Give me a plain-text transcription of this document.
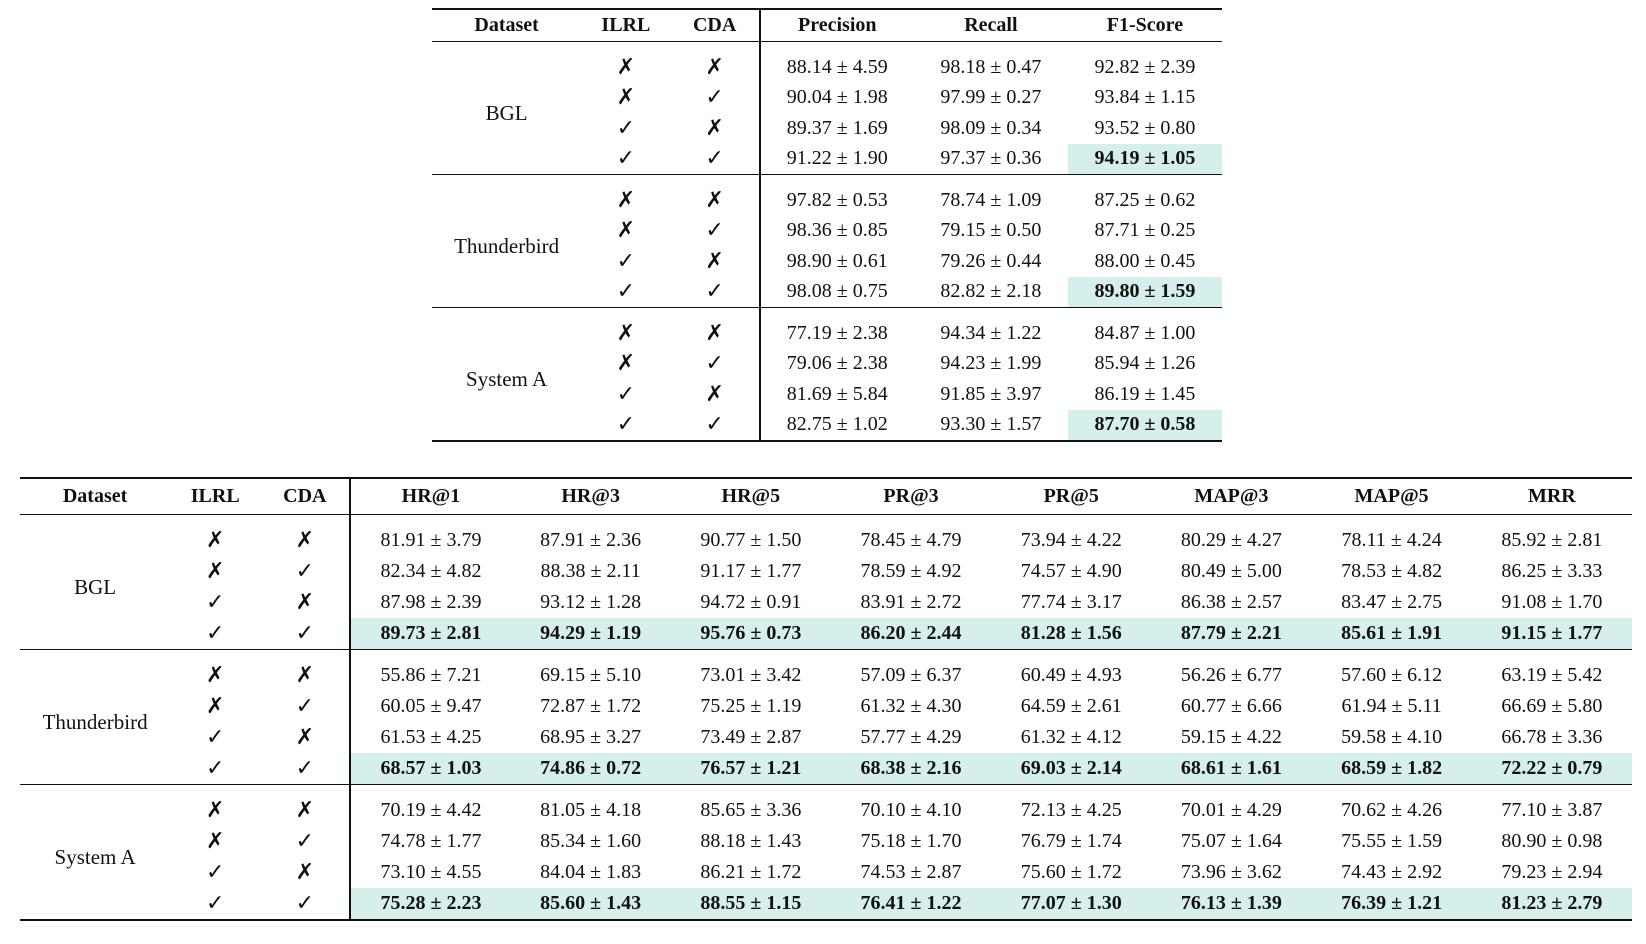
Dataset	ILRL	CDA	Precision	Recall	F1-Score
BGL	✗	✗	88.14 ± 4.59	98.18 ± 0.47	92.82 ± 2.39
	✗	✓	90.04 ± 1.98	97.99 ± 0.27	93.84 ± 1.15
	✓	✗	89.37 ± 1.69	98.09 ± 0.34	93.52 ± 0.80
	✓	✓	91.22 ± 1.90	97.37 ± 0.36	94.19 ± 1.05
Thunderbird	✗	✗	97.82 ± 0.53	78.74 ± 1.09	87.25 ± 0.62
	✗	✓	98.36 ± 0.85	79.15 ± 0.50	87.71 ± 0.25
	✓	✗	98.90 ± 0.61	79.26 ± 0.44	88.00 ± 0.45
	✓	✓	98.08 ± 0.75	82.82 ± 2.18	89.80 ± 1.59
System A	✗	✗	77.19 ± 2.38	94.34 ± 1.22	84.87 ± 1.00
	✗	✓	79.06 ± 2.38	94.23 ± 1.99	85.94 ± 1.26
	✓	✗	81.69 ± 5.84	91.85 ± 3.97	86.19 ± 1.45
	✓	✓	82.75 ± 1.02	93.30 ± 1.57	87.70 ± 0.58
Dataset	ILRL	CDA	HR@1	HR@3	HR@5	PR@3	PR@5	MAP@3	MAP@5	MRR
BGL	✗	✗	81.91 ± 3.79	87.91 ± 2.36	90.77 ± 1.50	78.45 ± 4.79	73.94 ± 4.22	80.29 ± 4.27	78.11 ± 4.24	85.92 ± 2.81
	✗	✓	82.34 ± 4.82	88.38 ± 2.11	91.17 ± 1.77	78.59 ± 4.92	74.57 ± 4.90	80.49 ± 5.00	78.53 ± 4.82	86.25 ± 3.33
	✓	✗	87.98 ± 2.39	93.12 ± 1.28	94.72 ± 0.91	83.91 ± 2.72	77.74 ± 3.17	86.38 ± 2.57	83.47 ± 2.75	91.08 ± 1.70
	✓	✓	89.73 ± 2.81	94.29 ± 1.19	95.76 ± 0.73	86.20 ± 2.44	81.28 ± 1.56	87.79 ± 2.21	85.61 ± 1.91	91.15 ± 1.77
Thunderbird	✗	✗	55.86 ± 7.21	69.15 ± 5.10	73.01 ± 3.42	57.09 ± 6.37	60.49 ± 4.93	56.26 ± 6.77	57.60 ± 6.12	63.19 ± 5.42
	✗	✓	60.05 ± 9.47	72.87 ± 1.72	75.25 ± 1.19	61.32 ± 4.30	64.59 ± 2.61	60.77 ± 6.66	61.94 ± 5.11	66.69 ± 5.80
	✓	✗	61.53 ± 4.25	68.95 ± 3.27	73.49 ± 2.87	57.77 ± 4.29	61.32 ± 4.12	59.15 ± 4.22	59.58 ± 4.10	66.78 ± 3.36
	✓	✓	68.57 ± 1.03	74.86 ± 0.72	76.57 ± 1.21	68.38 ± 2.16	69.03 ± 2.14	68.61 ± 1.61	68.59 ± 1.82	72.22 ± 0.79
System A	✗	✗	70.19 ± 4.42	81.05 ± 4.18	85.65 ± 3.36	70.10 ± 4.10	72.13 ± 4.25	70.01 ± 4.29	70.62 ± 4.26	77.10 ± 3.87
	✗	✓	74.78 ± 1.77	85.34 ± 1.60	88.18 ± 1.43	75.18 ± 1.70	76.79 ± 1.74	75.07 ± 1.64	75.55 ± 1.59	80.90 ± 0.98
	✓	✗	73.10 ± 4.55	84.04 ± 1.83	86.21 ± 1.72	74.53 ± 2.87	75.60 ± 1.72	73.96 ± 3.62	74.43 ± 2.92	79.23 ± 2.94
	✓	✓	75.28 ± 2.23	85.60 ± 1.43	88.55 ± 1.15	76.41 ± 1.22	77.07 ± 1.30	76.13 ± 1.39	76.39 ± 1.21	81.23 ± 2.79
